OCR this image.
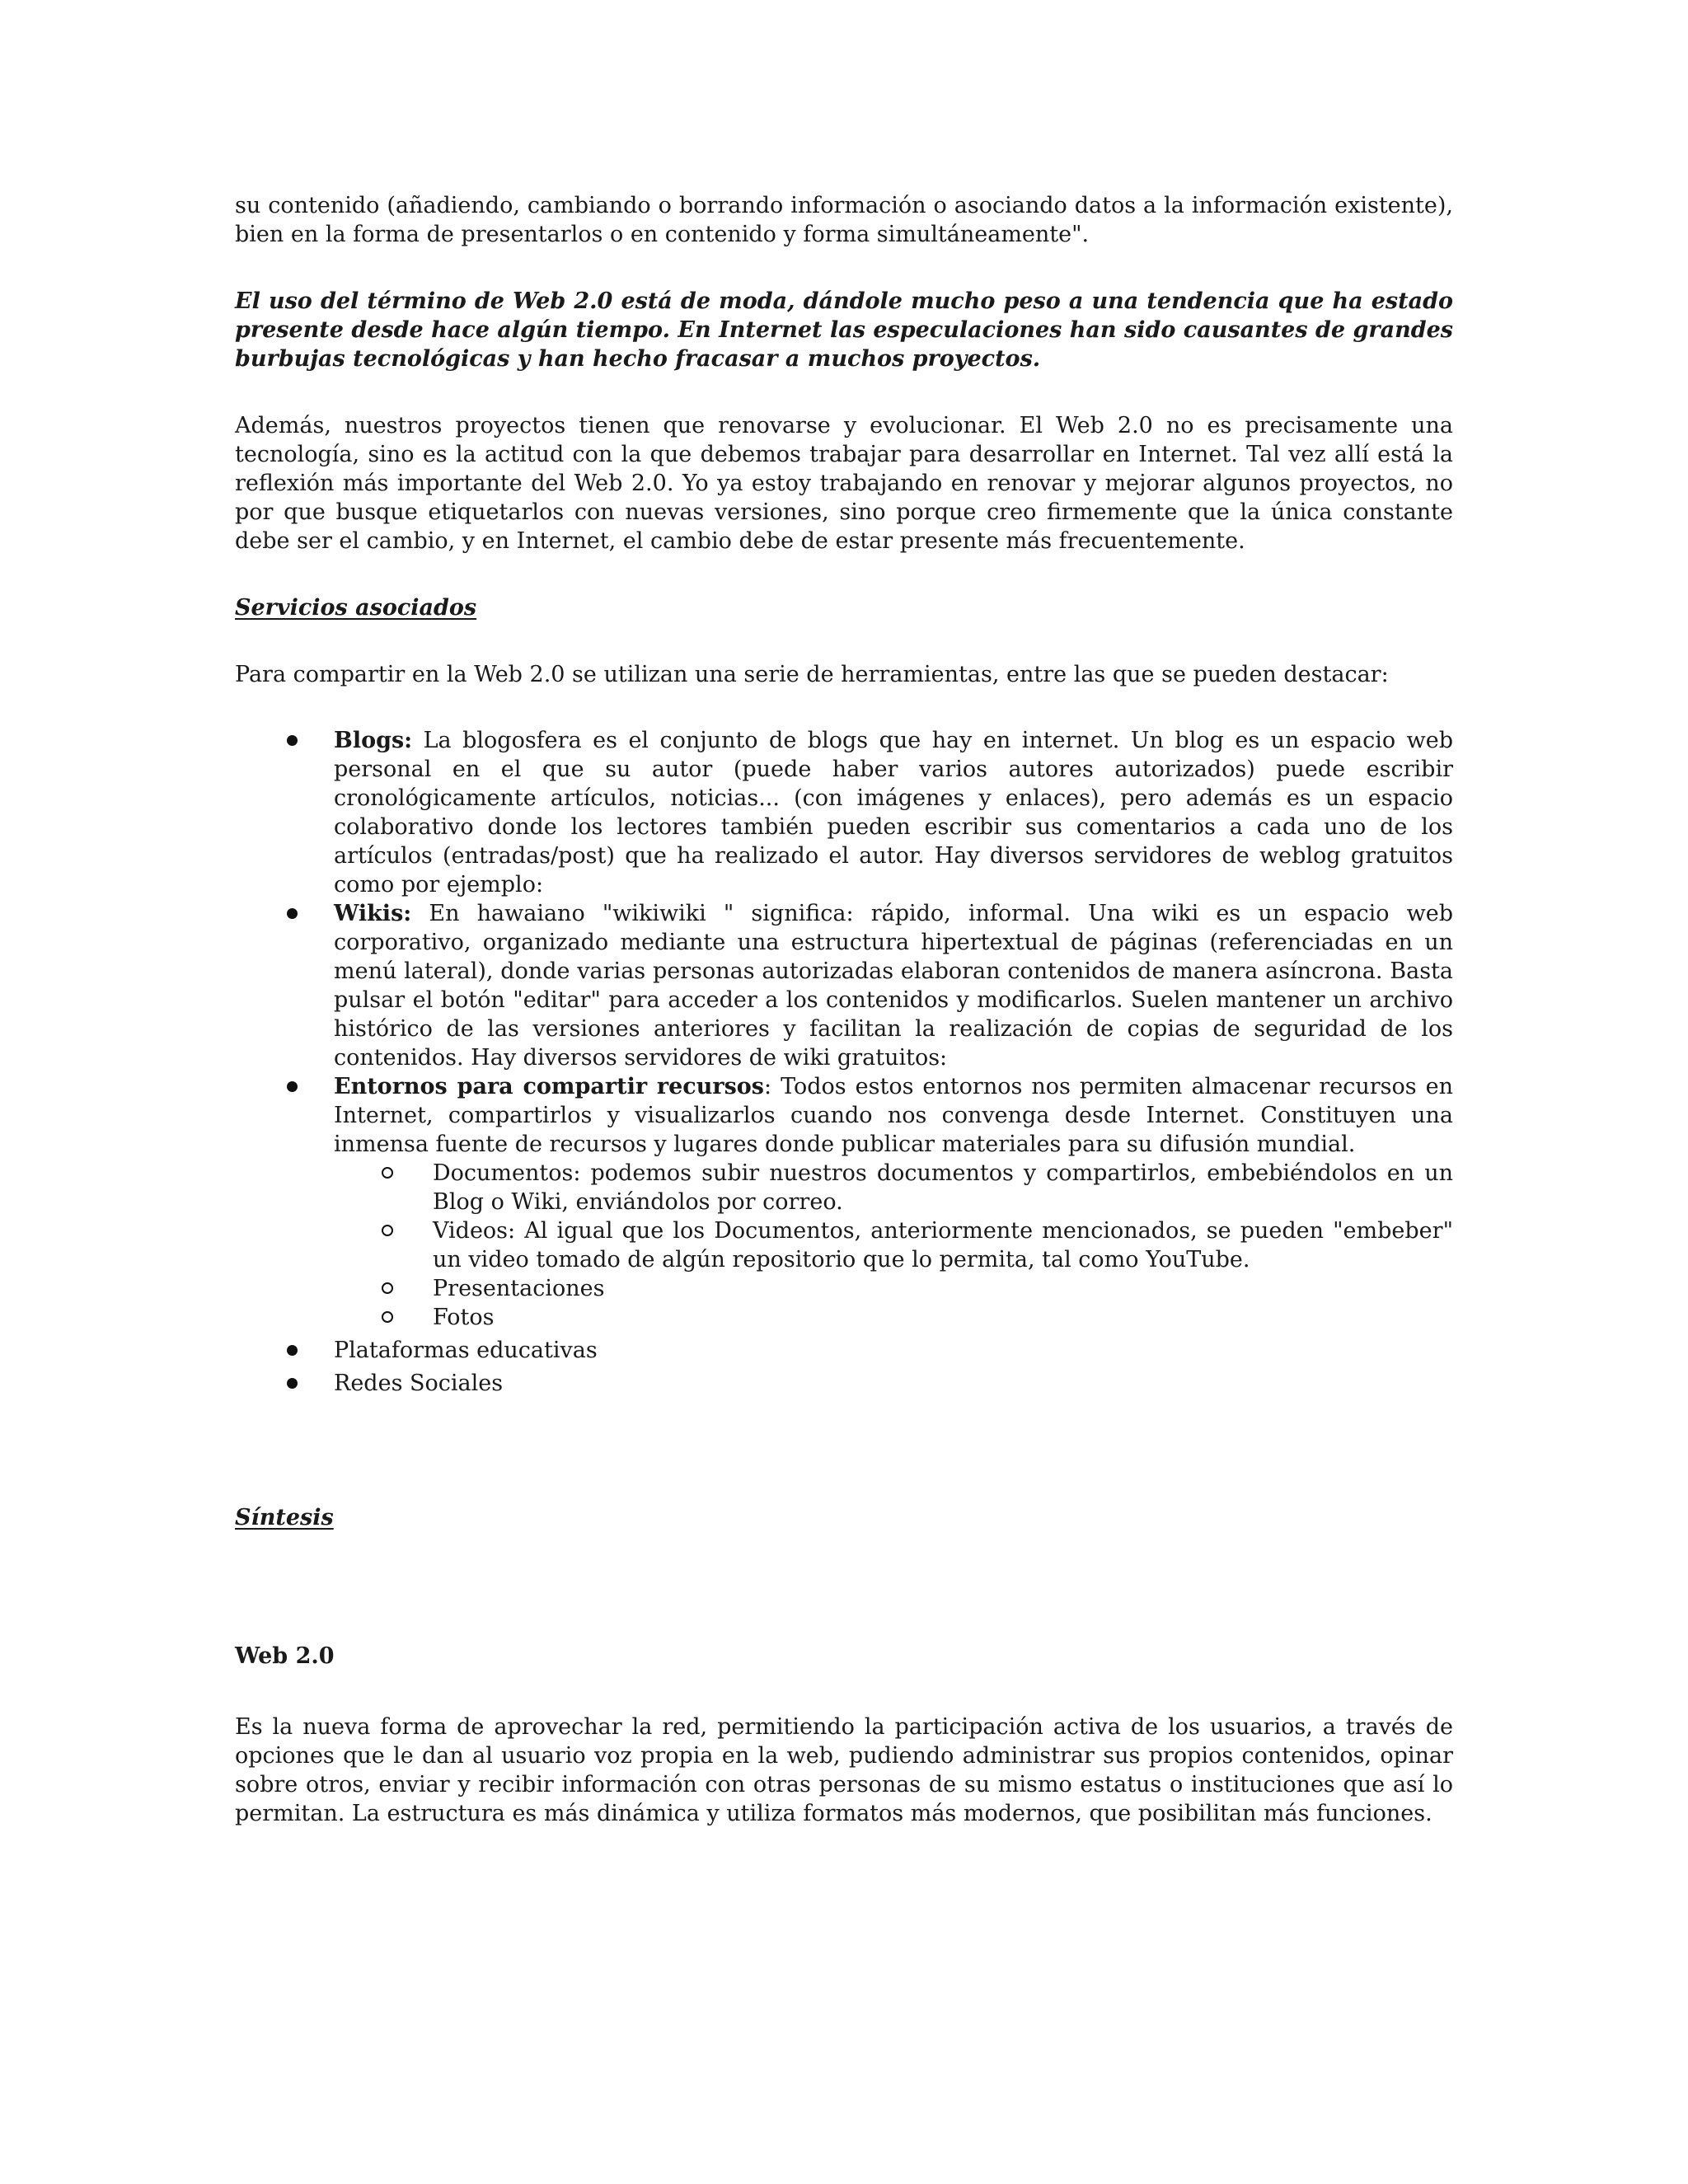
su contenido (añadiendo, cambiando o borrando información o asociando datos a la información existente), bien en la forma de presentarlos o en contenido y forma simultáneamente".

El uso del término de Web 2.0 está de moda, dándole mucho peso a una tendencia que ha estado presente desde hace algún tiempo. En Internet las especulaciones han sido causantes de grandes burbujas tecnológicas y han hecho fracasar a muchos proyectos.

Además, nuestros proyectos tienen que renovarse y evolucionar. El Web 2.0 no es precisamente una tecnología, sino es la actitud con la que debemos trabajar para desarrollar en Internet. Tal vez allí está la reflexión más importante del Web 2.0. Yo ya estoy trabajando en renovar y mejorar algunos proyectos, no por que busque etiquetarlos con nuevas versiones, sino porque creo firmemente que la única constante debe ser el cambio, y en Internet, el cambio debe de estar presente más frecuentemente.

Servicios asociados

Para compartir en la Web 2.0 se utilizan una serie de herramientas, entre las que se pueden destacar:

Blogs: La blogosfera es el conjunto de blogs que hay en internet. Un blog es un espacio web personal en el que su autor (puede haber varios autores autorizados) puede escribir cronológicamente artículos, noticias... (con imágenes y enlaces), pero además es un espacio colaborativo donde los lectores también pueden escribir sus comentarios a cada uno de los artículos (entradas/post) que ha realizado el autor. Hay diversos servidores de weblog gratuitos como por ejemplo:
Wikis: En hawaiano "wikiwiki " significa: rápido, informal. Una wiki es un espacio web corporativo, organizado mediante una estructura hipertextual de páginas (referenciadas en un menú lateral), donde varias personas autorizadas elaboran contenidos de manera asíncrona. Basta pulsar el botón "editar" para acceder a los contenidos y modificarlos. Suelen mantener un archivo histórico de las versiones anteriores y facilitan la realización de copias de seguridad de los contenidos. Hay diversos servidores de wiki gratuitos:
Entornos para compartir recursos: Todos estos entornos nos permiten almacenar recursos en Internet, compartirlos y visualizarlos cuando nos convenga desde Internet. Constituyen una inmensa fuente de recursos y lugares donde publicar materiales para su difusión mundial.
Documentos: podemos subir nuestros documentos y compartirlos, embebiéndolos en un Blog o Wiki, enviándolos por correo.
Videos: Al igual que los Documentos, anteriormente mencionados, se pueden "embeber" un video tomado de algún repositorio que lo permita, tal como YouTube.
Presentaciones
Fotos
Plataformas educativas
Redes Sociales

Síntesis

Web 2.0

Es la nueva forma de aprovechar la red, permitiendo la participación activa de los usuarios, a través de opciones que le dan al usuario voz propia en la web, pudiendo administrar sus propios contenidos, opinar sobre otros, enviar y recibir información con otras personas de su mismo estatus o instituciones que así lo permitan. La estructura es más dinámica y utiliza formatos más modernos, que posibilitan más funciones.
